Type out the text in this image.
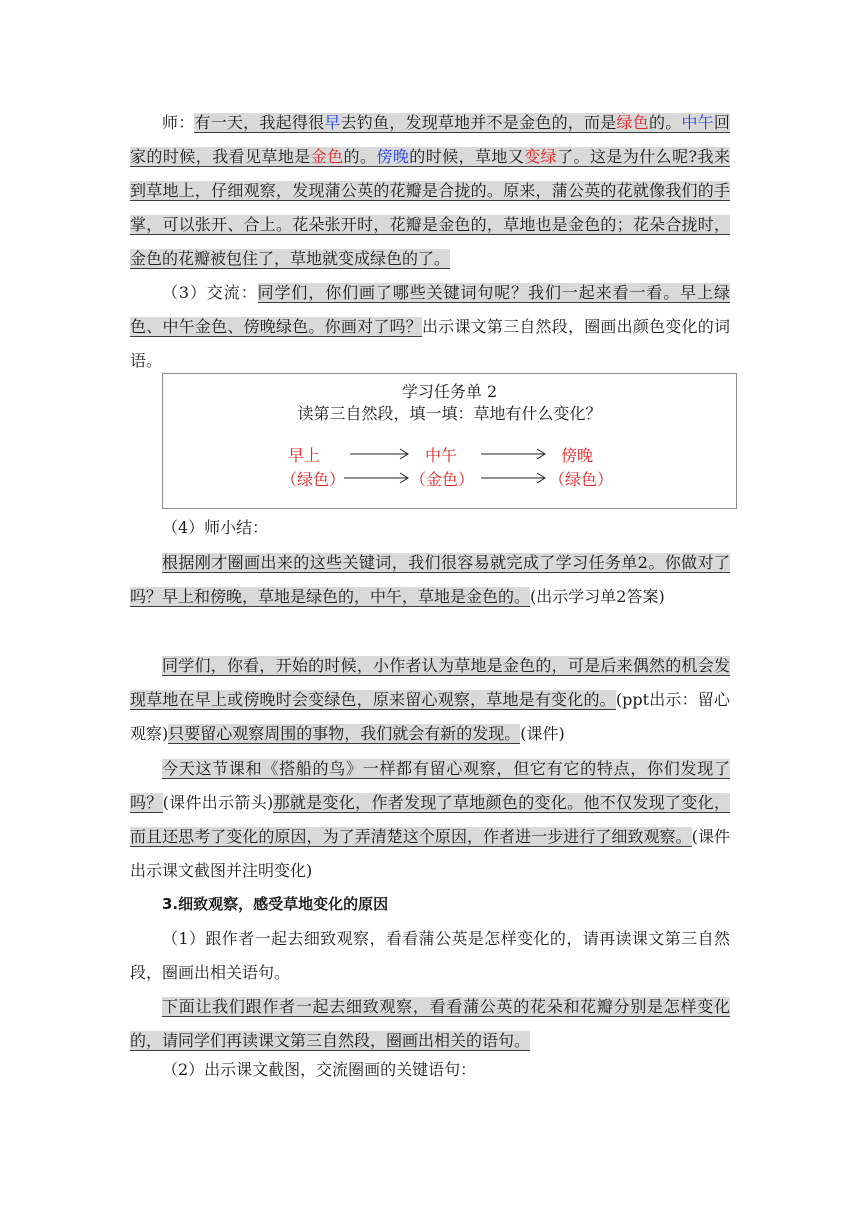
师：有一天，我起得很早去钓鱼，发现草地并不是金色的，而是绿色的。中午回家的时候，我看见草地是金色的。傍晚的时候，草地又变绿了。这是为什么呢?我来到草地上，仔细观察，发现蒲公英的花瓣是合拢的。原来，蒲公英的花就像我们的手掌，可以张开、合上。花朵张开时，花瓣是金色的，草地也是金色的；花朵合拢时，金色的花瓣被包住了，草地就变成绿色的了。

（3）交流：同学们，你们画了哪些关键词句呢？我们一起来看一看。早上绿色、中午金色、傍晚绿色。你画对了吗？出示课文第三自然段，圈画出颜色变化的词语。

学习任务单 2
读第三自然段，填一填：草地有什么变化？
早上
（绿色）
中午
（金色）
傍晚
（绿色）

（4）师小结：

根据刚才圈画出来的这些关键词，我们很容易就完成了学习任务单2。你做对了吗？早上和傍晚，草地是绿色的，中午，草地是金色的。(出示学习单2答案)

同学们，你看，开始的时候，小作者认为草地是金色的，可是后来偶然的机会发现草地在早上或傍晚时会变绿色，原来留心观察，草地是有变化的。(ppt出示：留心观察)只要留心观察周围的事物，我们就会有新的发现。(课件)

今天这节课和《搭船的鸟》一样都有留心观察，但它有它的特点，你们发现了吗？(课件出示箭头)那就是变化，作者发现了草地颜色的变化。他不仅发现了变化，而且还思考了变化的原因，为了弄清楚这个原因，作者进一步进行了细致观察。(课件出示课文截图并注明变化)

3.细致观察，感受草地变化的原因

（1）跟作者一起去细致观察，看看蒲公英是怎样变化的，请再读课文第三自然段，圈画出相关语句。

下面让我们跟作者一起去细致观察，看看蒲公英的花朵和花瓣分别是怎样变化的，请同学们再读课文第三自然段，圈画出相关的语句。

（2）出示课文截图，交流圈画的关键语句：
